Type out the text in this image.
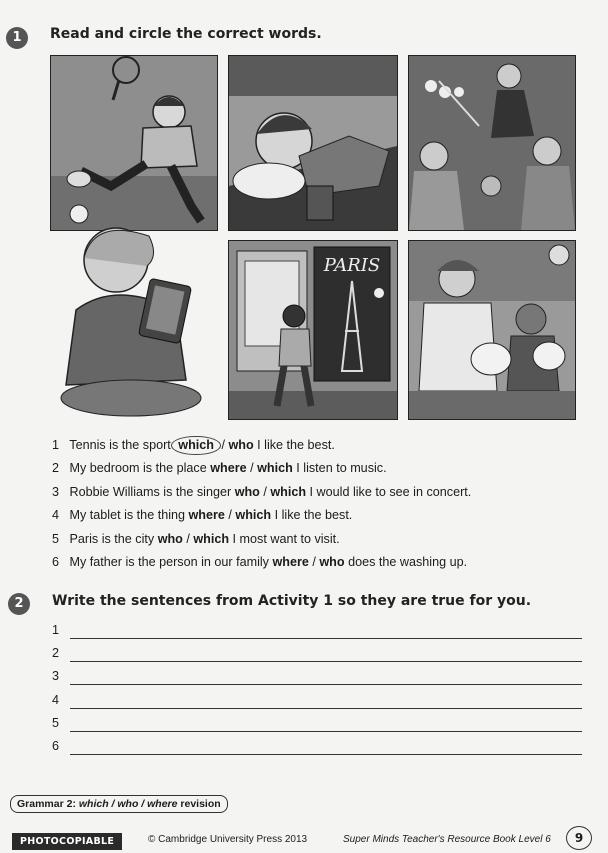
1	Read and circle the correct words.
PARIS
1 Tennis is the sport which / who I like the best.
2 My bedroom is the place where / which I listen to music.
3 Robbie Williams is the singer who / which I would like to see in concert.
4 My tablet is the thing where / which I like the best.
5 Paris is the city who / which I most want to visit.
6 My father is the person in our family where / who does the washing up.
2	Write the sentences from Activity 1 so they are true for you.
1
2
3
4
5
6
Grammar 2: which / who / where revision
PHOTOCOPIABLE	© Cambridge University Press 2013	Super Minds Teacher's Resource Book Level 6	9
